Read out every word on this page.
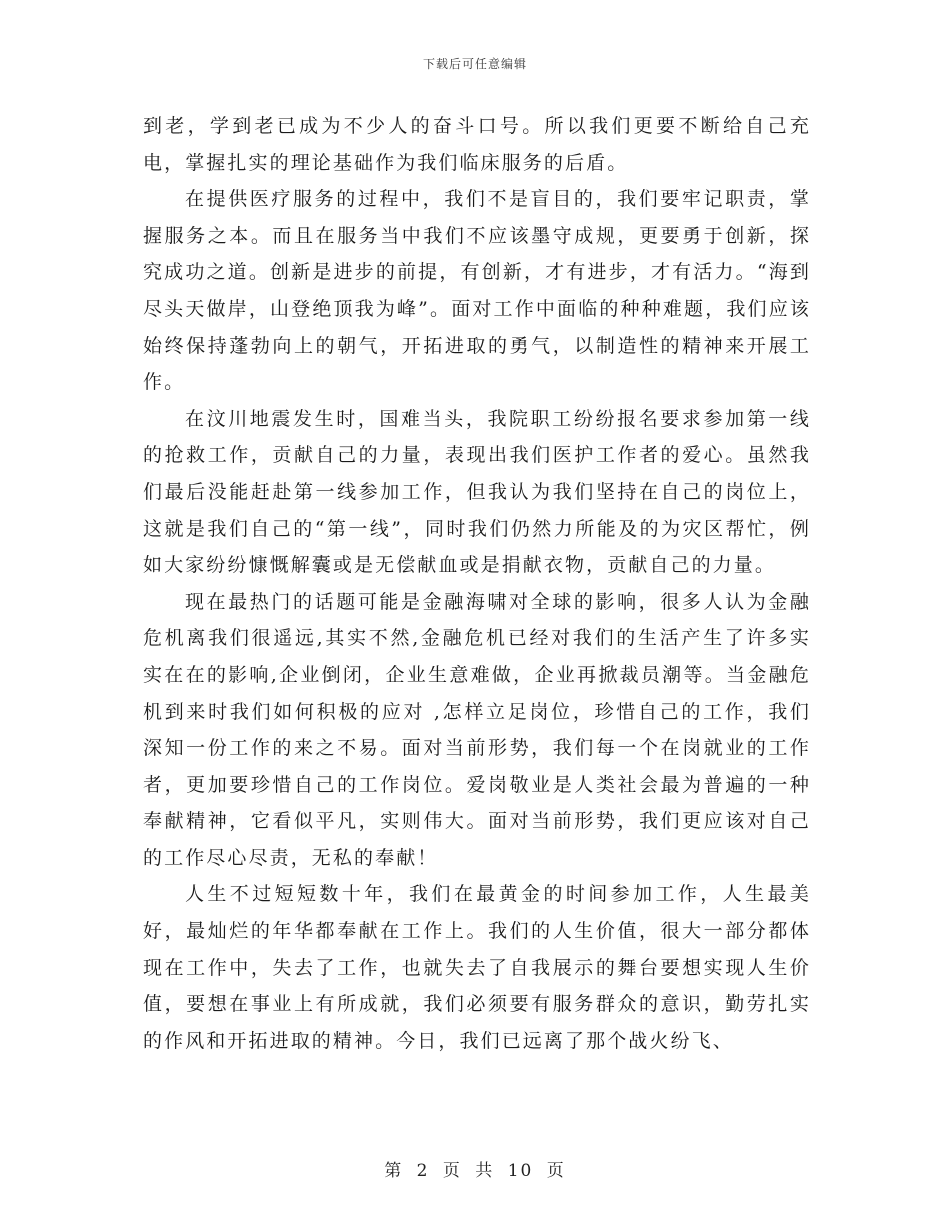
下载后可任意编辑

到老，学到老已成为不少人的奋斗口号。所以我们更要不断给自己充电，掌握扎实的理论基础作为我们临床服务的后盾。

在提供医疗服务的过程中，我们不是盲目的，我们要牢记职责，掌握服务之本。而且在服务当中我们不应该墨守成规，更要勇于创新，探究成功之道。创新是进步的前提，有创新，才有进步，才有活力。“海到尽头天做岸，山登绝顶我为峰”。面对工作中面临的种种难题，我们应该始终保持蓬勃向上的朝气，开拓进取的勇气，以制造性的精神来开展工作。

在汶川地震发生时，国难当头，我院职工纷纷报名要求参加第一线的抢救工作，贡献自己的力量，表现出我们医护工作者的爱心。虽然我们最后没能赶赴第一线参加工作，但我认为我们坚持在自己的岗位上，这就是我们自己的“第一线”，同时我们仍然力所能及的为灾区帮忙，例如大家纷纷慷慨解囊或是无偿献血或是捐献衣物，贡献自己的力量。

现在最热门的话题可能是金融海啸对全球的影响，很多人认为金融危机离我们很遥远,其实不然,金融危机已经对我们的生活产生了许多实实在在的影响,企业倒闭，企业生意难做，企业再掀裁员潮等。当金融危机到来时我们如何积极的应对 ,怎样立足岗位，珍惜自己的工作，我们深知一份工作的来之不易。面对当前形势，我们每一个在岗就业的工作者，更加要珍惜自己的工作岗位。爱岗敬业是人类社会最为普遍的一种奉献精神，它看似平凡，实则伟大。面对当前形势，我们更应该对自己的工作尽心尽责，无私的奉献！

人生不过短短数十年，我们在最黄金的时间参加工作，人生最美好，最灿烂的年华都奉献在工作上。我们的人生价值，很大一部分都体现在工作中，失去了工作，也就失去了自我展示的舞台要想实现人生价值，要想在事业上有所成就，我们必须要有服务群众的意识，勤劳扎实的作风和开拓进取的精神。今日，我们已远离了那个战火纷飞、

第 2 页 共 10 页
